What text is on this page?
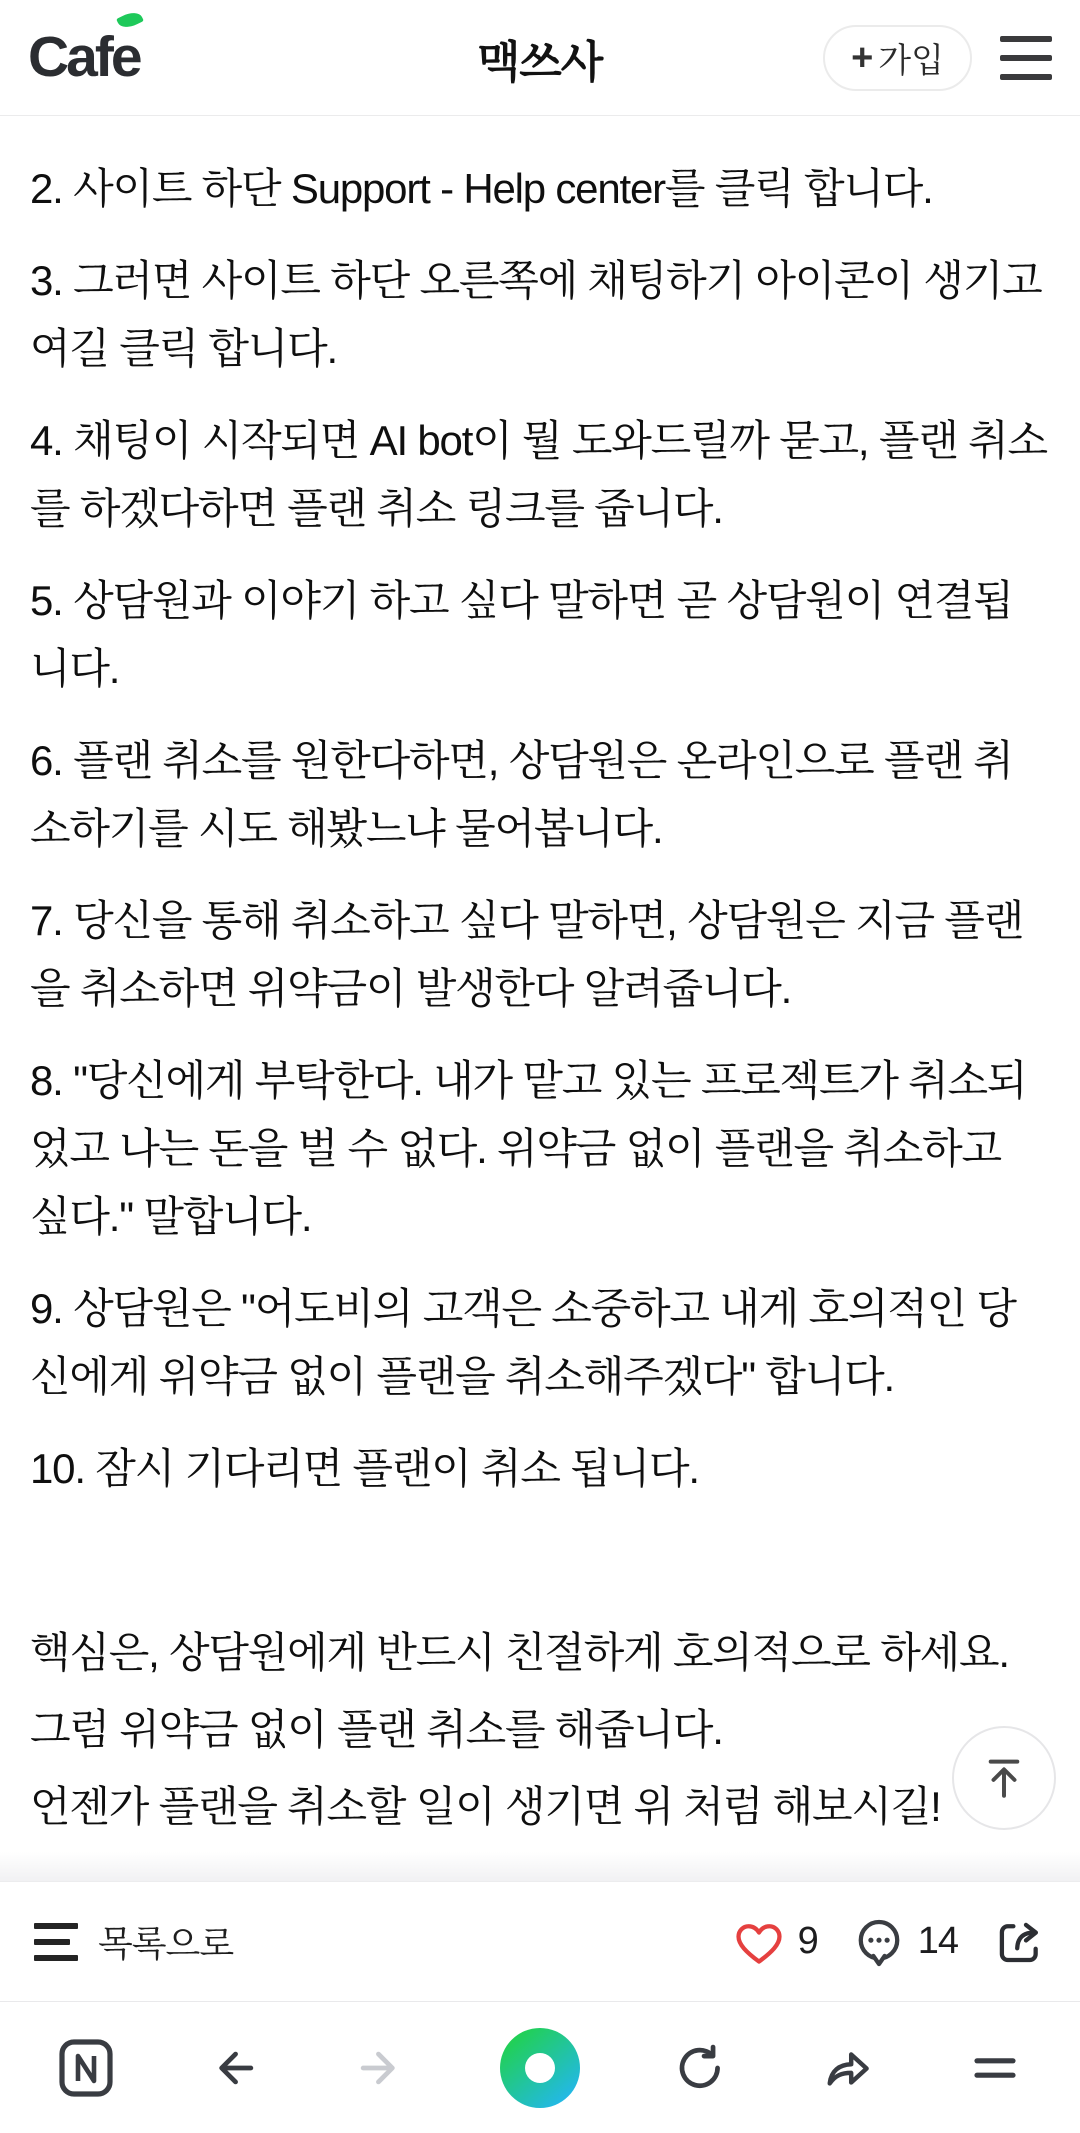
Caf e	맥쓰사	+ 가입

2. 사이트 하단 Support - Help center를 클릭 합니다.

3. 그러면 사이트 하단 오른쪽에 채팅하기 아이콘이 생기고 여길 클릭 합니다.

4. 채팅이 시작되면 AI bot이 뭘 도와드릴까 묻고, 플랜 취소를 하겠다하면 플랜 취소 링크를 줍니다.

5. 상담원과 이야기 하고 싶다 말하면 곧 상담원이 연결됩니다.

6. 플랜 취소를 원한다하면, 상담원은 온라인으로 플랜 취소하기를 시도 해봤느냐 물어봅니다.

7. 당신을 통해 취소하고 싶다 말하면, 상담원은 지금 플랜을 취소하면 위약금이 발생한다 알려줍니다.

8. "당신에게 부탁한다. 내가 맡고 있는 프로젝트가 취소되었고 나는 돈을 벌 수 없다. 위약금 없이 플랜을 취소하고 싶다." 말합니다.

9. 상담원은 "어도비의 고객은 소중하고 내게 호의적인 당신에게 위약금 없이 플랜을 취소해주겠다" 합니다.

10. 잠시 기다리면 플랜이 취소 됩니다.

핵심은, 상담원에게 반드시 친절하게 호의적으로 하세요.

그럼 위약금 없이 플랜 취소를 해줍니다.

언젠가 플랜을 취소할 일이 생기면 위 처럼 해보시길!

목록으로	9	14
